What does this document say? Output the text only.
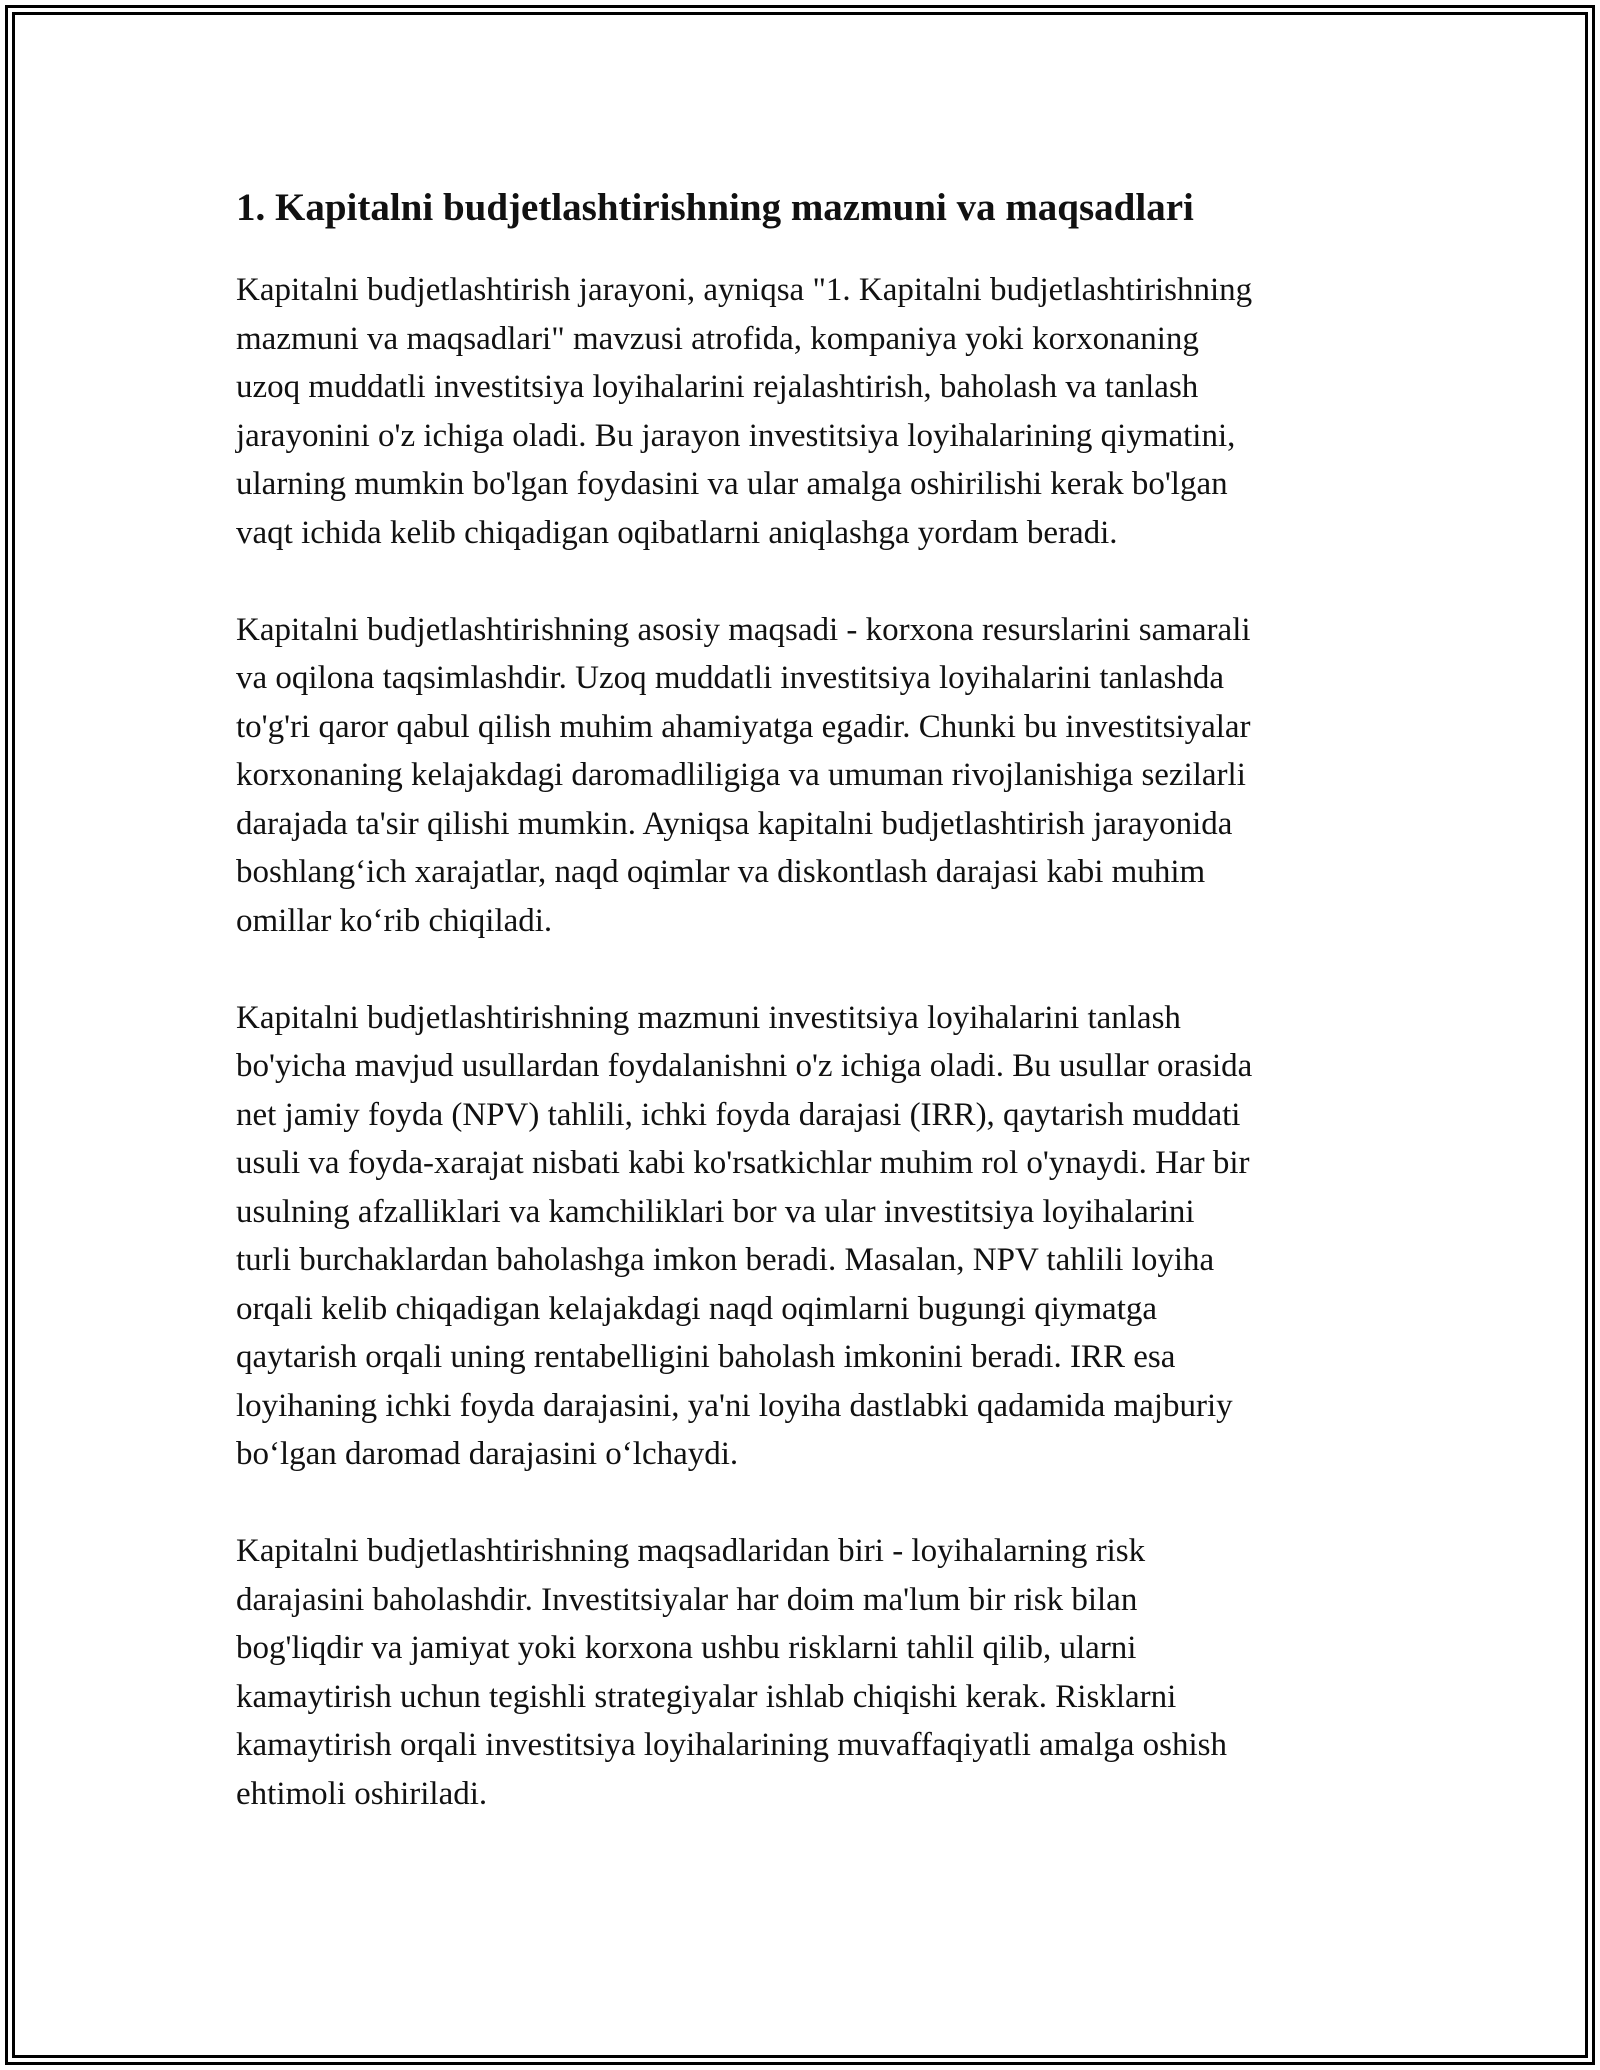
1. Kapitalni budjetlashtirishning mazmuni va maqsadlari

Kapitalni budjetlashtirish jarayoni, ayniqsa "1. Kapitalni budjetlashtirishning
mazmuni va maqsadlari" mavzusi atrofida, kompaniya yoki korxonaning
uzoq muddatli investitsiya loyihalarini rejalashtirish, baholash va tanlash
jarayonini o'z ichiga oladi. Bu jarayon investitsiya loyihalarining qiymatini,
ularning mumkin bo'lgan foydasini va ular amalga oshirilishi kerak bo'lgan
vaqt ichida kelib chiqadigan oqibatlarni aniqlashga yordam beradi.

Kapitalni budjetlashtirishning asosiy maqsadi - korxona resurslarini samarali
va oqilona taqsimlashdir. Uzoq muddatli investitsiya loyihalarini tanlashda
to'g'ri qaror qabul qilish muhim ahamiyatga egadir. Chunki bu investitsiyalar
korxonaning kelajakdagi daromadliligiga va umuman rivojlanishiga sezilarli
darajada ta'sir qilishi mumkin. Ayniqsa kapitalni budjetlashtirish jarayonida
boshlang‘ich xarajatlar, naqd oqimlar va diskontlash darajasi kabi muhim
omillar ko‘rib chiqiladi.

Kapitalni budjetlashtirishning mazmuni investitsiya loyihalarini tanlash
bo'yicha mavjud usullardan foydalanishni o'z ichiga oladi. Bu usullar orasida
net jamiy foyda (NPV) tahlili, ichki foyda darajasi (IRR), qaytarish muddati
usuli va foyda-xarajat nisbati kabi ko'rsatkichlar muhim rol o'ynaydi. Har bir
usulning afzalliklari va kamchiliklari bor va ular investitsiya loyihalarini
turli burchaklardan baholashga imkon beradi. Masalan, NPV tahlili loyiha
orqali kelib chiqadigan kelajakdagi naqd oqimlarni bugungi qiymatga
qaytarish orqali uning rentabelligini baholash imkonini beradi. IRR esa
loyihaning ichki foyda darajasini, ya'ni loyiha dastlabki qadamida majburiy
bo‘lgan daromad darajasini o‘lchaydi.

Kapitalni budjetlashtirishning maqsadlaridan biri - loyihalarning risk
darajasini baholashdir. Investitsiyalar har doim ma'lum bir risk bilan
bog'liqdir va jamiyat yoki korxona ushbu risklarni tahlil qilib, ularni
kamaytirish uchun tegishli strategiyalar ishlab chiqishi kerak. Risklarni
kamaytirish orqali investitsiya loyihalarining muvaffaqiyatli amalga oshish
ehtimoli oshiriladi.
